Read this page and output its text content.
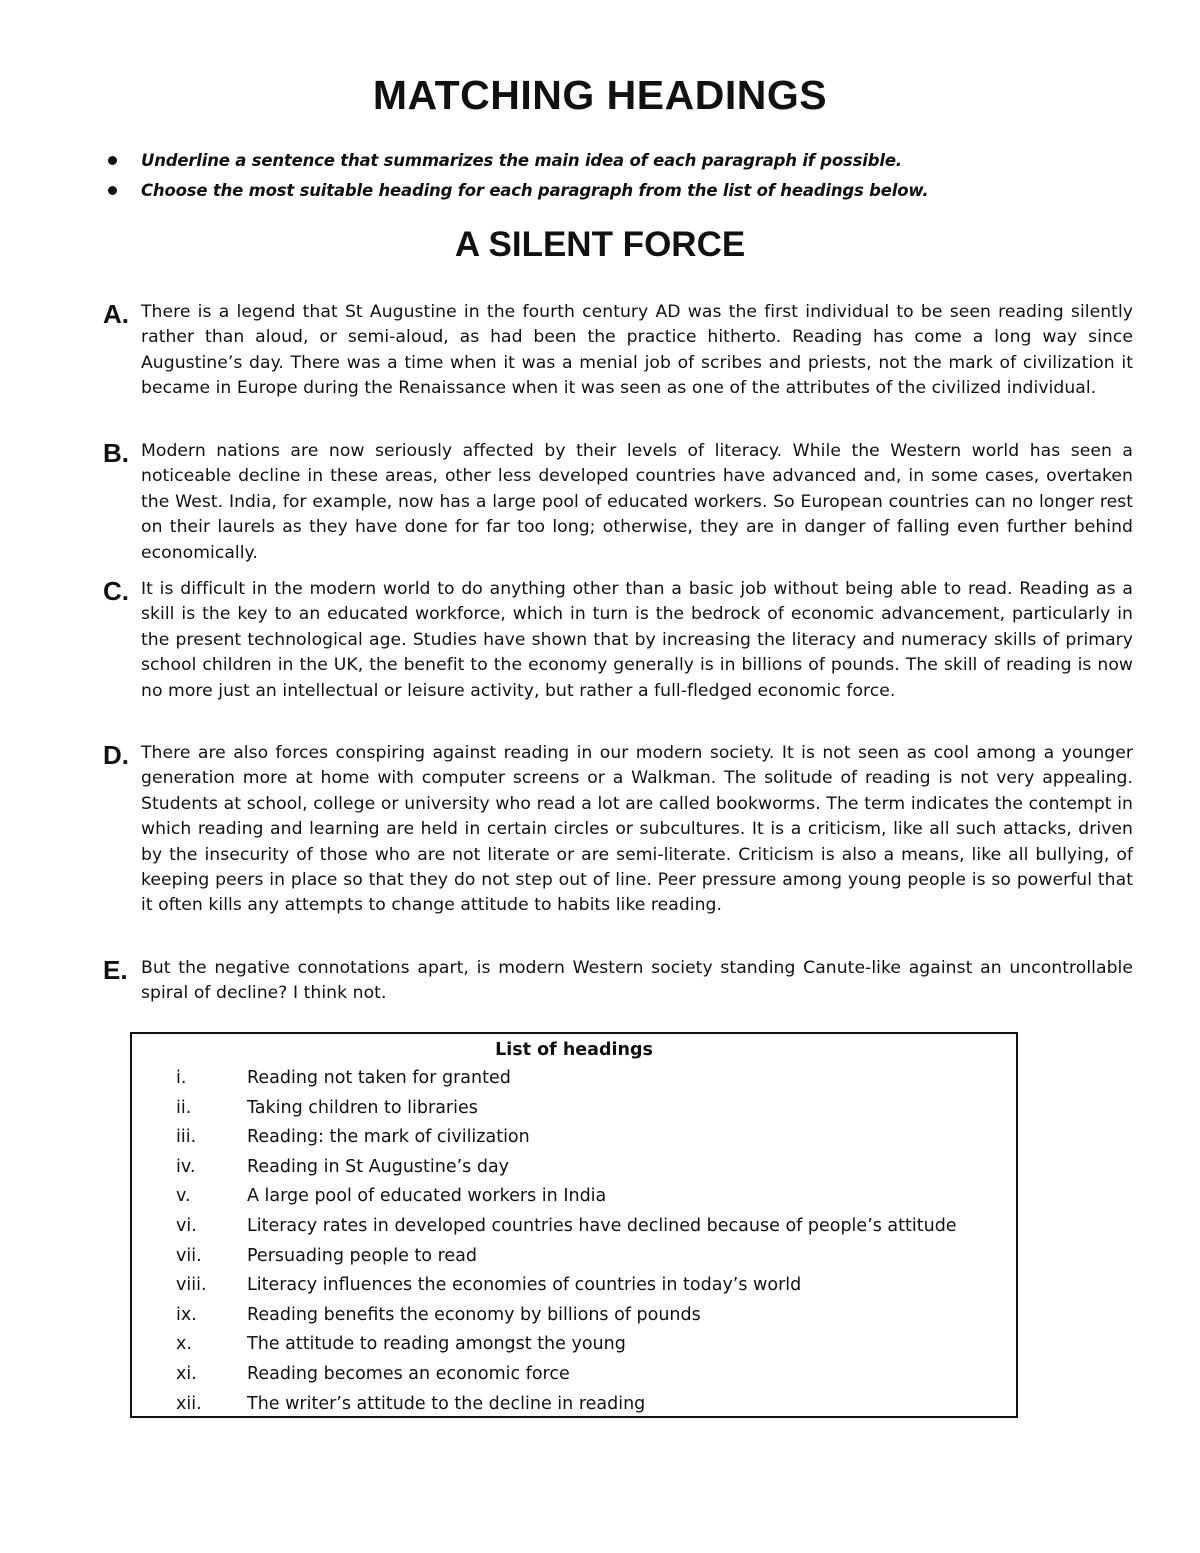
MATCHING HEADINGS
Underline a sentence that summarizes the main idea of each paragraph if possible.
Choose the most suitable heading for each paragraph from the list of headings below.
A SILENT FORCE
A. There is a legend that St Augustine in the fourth century AD was the first individual to be seen reading silently rather than aloud, or semi-aloud, as had been the practice hitherto. Reading has come a long way since Augustine’s day. There was a time when it was a menial job of scribes and priests, not the mark of civilization it became in Europe during the Renaissance when it was seen as one of the attributes of the civilized individual.
B. Modern nations are now seriously affected by their levels of literacy. While the Western world has seen a noticeable decline in these areas, other less developed countries have advanced and, in some cases, overtaken the West. India, for example, now has a large pool of educated workers. So European countries can no longer rest on their laurels as they have done for far too long; otherwise, they are in danger of falling even further behind economically.
C. It is difficult in the modern world to do anything other than a basic job without being able to read. Reading as a skill is the key to an educated workforce, which in turn is the bedrock of economic advancement, particularly in the present technological age. Studies have shown that by increasing the literacy and numeracy skills of primary school children in the UK, the benefit to the economy generally is in billions of pounds. The skill of reading is now no more just an intellectual or leisure activity, but rather a full-fledged economic force.
D. There are also forces conspiring against reading in our modern society. It is not seen as cool among a younger generation more at home with computer screens or a Walkman. The solitude of reading is not very appealing. Students at school, college or university who read a lot are called bookworms. The term indicates the contempt in which reading and learning are held in certain circles or subcultures. It is a criticism, like all such attacks, driven by the insecurity of those who are not literate or are semi-literate. Criticism is also a means, like all bullying, of keeping peers in place so that they do not step out of line. Peer pressure among young people is so powerful that it often kills any attempts to change attitude to habits like reading.
E. But the negative connotations apart, is modern Western society standing Canute-like against an uncontrollable spiral of decline? I think not.
List of headings
i.	Reading not taken for granted
ii.	Taking children to libraries
iii.	Reading: the mark of civilization
iv.	Reading in St Augustine’s day
v.	A large pool of educated workers in India
vi.	Literacy rates in developed countries have declined because of people’s attitude
vii.	Persuading people to read
viii. Literacy influences the economies of countries in today’s world
ix.	Reading benefits the economy by billions of pounds
x.	The attitude to reading amongst the young
xi.	Reading becomes an economic force
xii.	The writer’s attitude to the decline in reading
